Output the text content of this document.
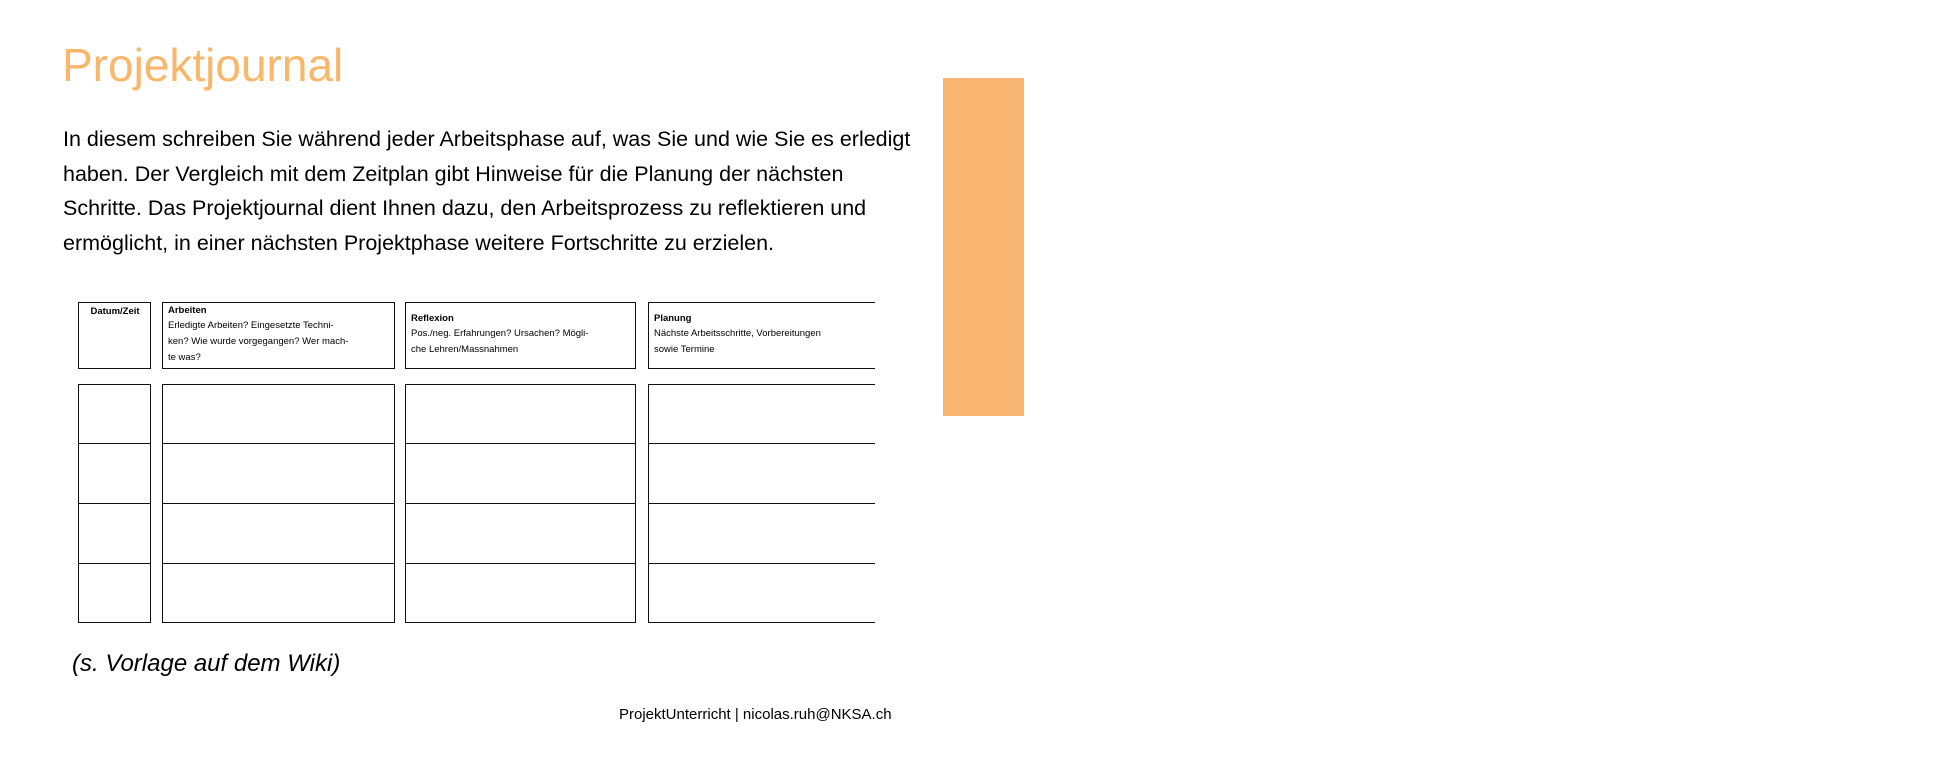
Projektjournal

In diesem schreiben Sie während jeder Arbeitsphase auf, was Sie und wie Sie es erledigt haben. Der Vergleich mit dem Zeitplan gibt Hinweise für die Planung der nächsten Schritte. Das Projektjournal dient Ihnen dazu, den Arbeitsprozess zu reflektieren und ermöglicht, in einer nächsten Projektphase weitere Fortschritte zu erzielen.	neue kantonsschule aarau
Datum/Zeit	Arbeiten
Erledigte Arbeiten? Eingesetzte Techni-
ken? Wie wurde vorgegangen? Wer mach-
te was?
Reflexion
Pos./neg. Erfahrungen? Ursachen? Mögli-
che Lehren/Massnahmen
Planung
Nächste Arbeitsschritte, Vorbereitungen
sowie Termine

(s. Vorlage auf dem Wiki)

ProjektUnterricht | nicolas.ruh@NKSA.ch
